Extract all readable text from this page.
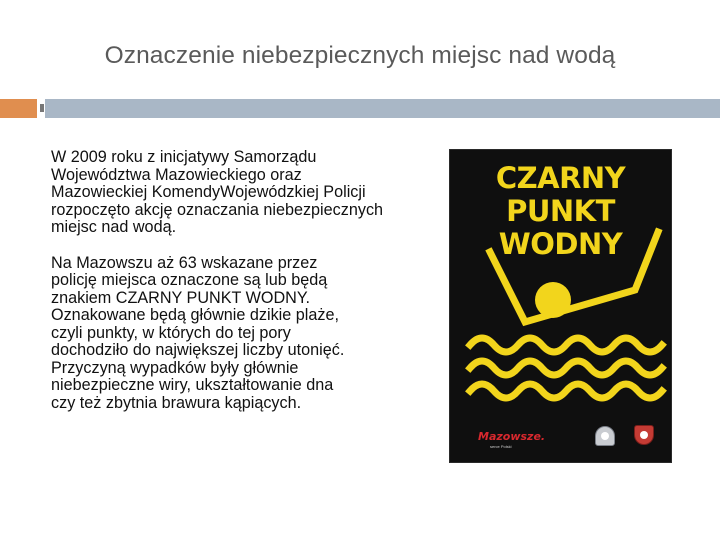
Oznaczenie niebezpiecznych miejsc nad wodą

W 2009 roku z inicjatywy Samorządu
Województwa Mazowieckiego oraz
Mazowieckiej KomendyWojewódzkiej Policji
rozpoczęto akcję oznaczania niebezpiecznych
miejsc nad wodą.

Na Mazowszu aż 63 wskazane przez
policję miejsca oznaczone są lub będą
znakiem CZARNY PUNKT WODNY.
Oznakowane będą głównie dzikie plaże,
czyli punkty, w których do tej pory
dochodziło do największej liczby utonięć.
Przyczyną wypadków były głównie
niebezpieczne wiry, ukształtowanie dna
czy też zbytnia brawura kąpiących.

CZARNY PUNKT
WODNY
Mazowsze.
serce Polski
